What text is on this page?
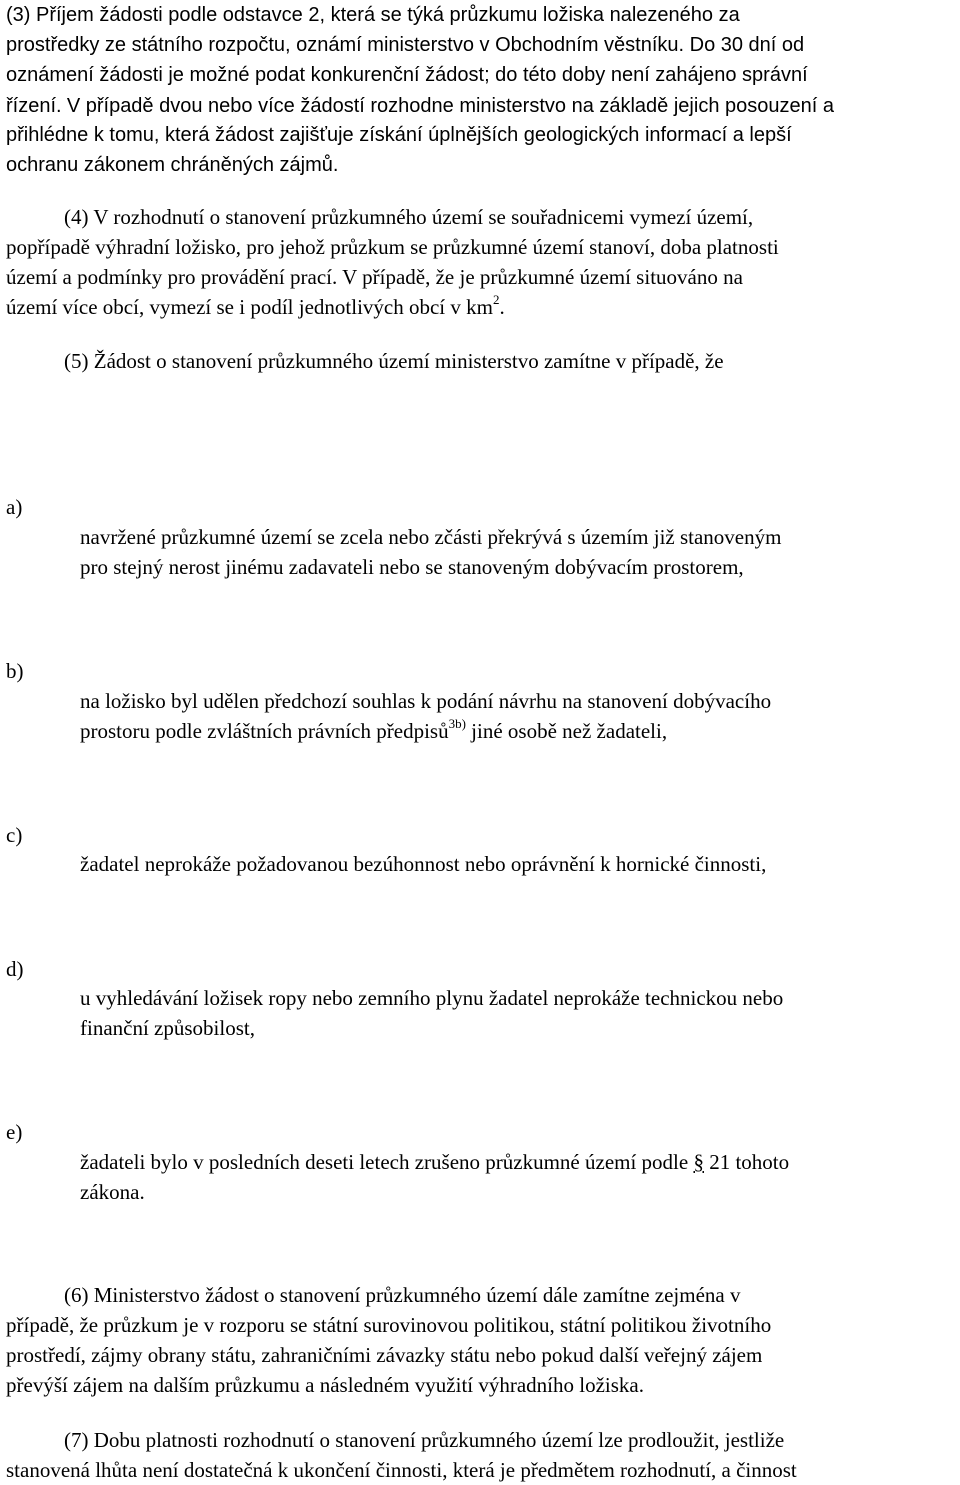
(3) Příjem žádosti podle odstavce 2, která se týká průzkumu ložiska nalezeného za

prostředky ze státního rozpočtu, oznámí ministerstvo v Obchodním věstníku. Do 30 dní od

oznámení žádosti je možné podat konkurenční žádost; do této doby není zahájeno správní

řízení. V případě dvou nebo více žádostí rozhodne ministerstvo na základě jejich posouzení a

přihlédne k tomu, která žádost zajišťuje získání úplnějších geologických informací a lepší

ochranu zákonem chráněných zájmů.

(4) V rozhodnutí o stanovení průzkumného území se souřadnicemi vymezí území,

popřípadě výhradní ložisko, pro jehož průzkum se průzkumné území stanoví, doba platnosti

území a podmínky pro provádění prací. V případě, že je průzkumné území situováno na

území více obcí, vymezí se i podíl jednotlivých obcí v $km^2$.

(5) Žádost o stanovení průzkumného území ministerstvo zamítne v případě, že

a)
navržené průzkumné území se zcela nebo zčásti překrývá s územím již stanoveným
pro stejný nerost jinému zadavateli nebo se stanoveným dobývacím prostorem,
b)
na ložisko byl udělen předchozí souhlas k podání návrhu na stanovení dobývacího
prostoru podle zvláštních právních předpisů$^{3b)}$ jiné osobě než žadateli,
c)
žadatel neprokáže požadovanou bezúhonnost nebo oprávnění k hornické činnosti,
d)
u vyhledávání ložisek ropy nebo zemního plynu žadatel neprokáže technickou nebo
finanční způsobilost,
e)
žadateli bylo v posledních deseti letech zrušeno průzkumné území podle § 21 tohoto
zákona.

(6) Ministerstvo žádost o stanovení průzkumného území dále zamítne zejména v

případě, že průzkum je v rozporu se státní surovinovou politikou, státní politikou životního

prostředí, zájmy obrany státu, zahraničními závazky státu nebo pokud další veřejný zájem

převýší zájem na dalším průzkumu a následném využití výhradního ložiska.

(7) Dobu platnosti rozhodnutí o stanovení průzkumného území lze prodloužit, jestliže

stanovená lhůta není dostatečná k ukončení činnosti, která je předmětem rozhodnutí, a činnost
